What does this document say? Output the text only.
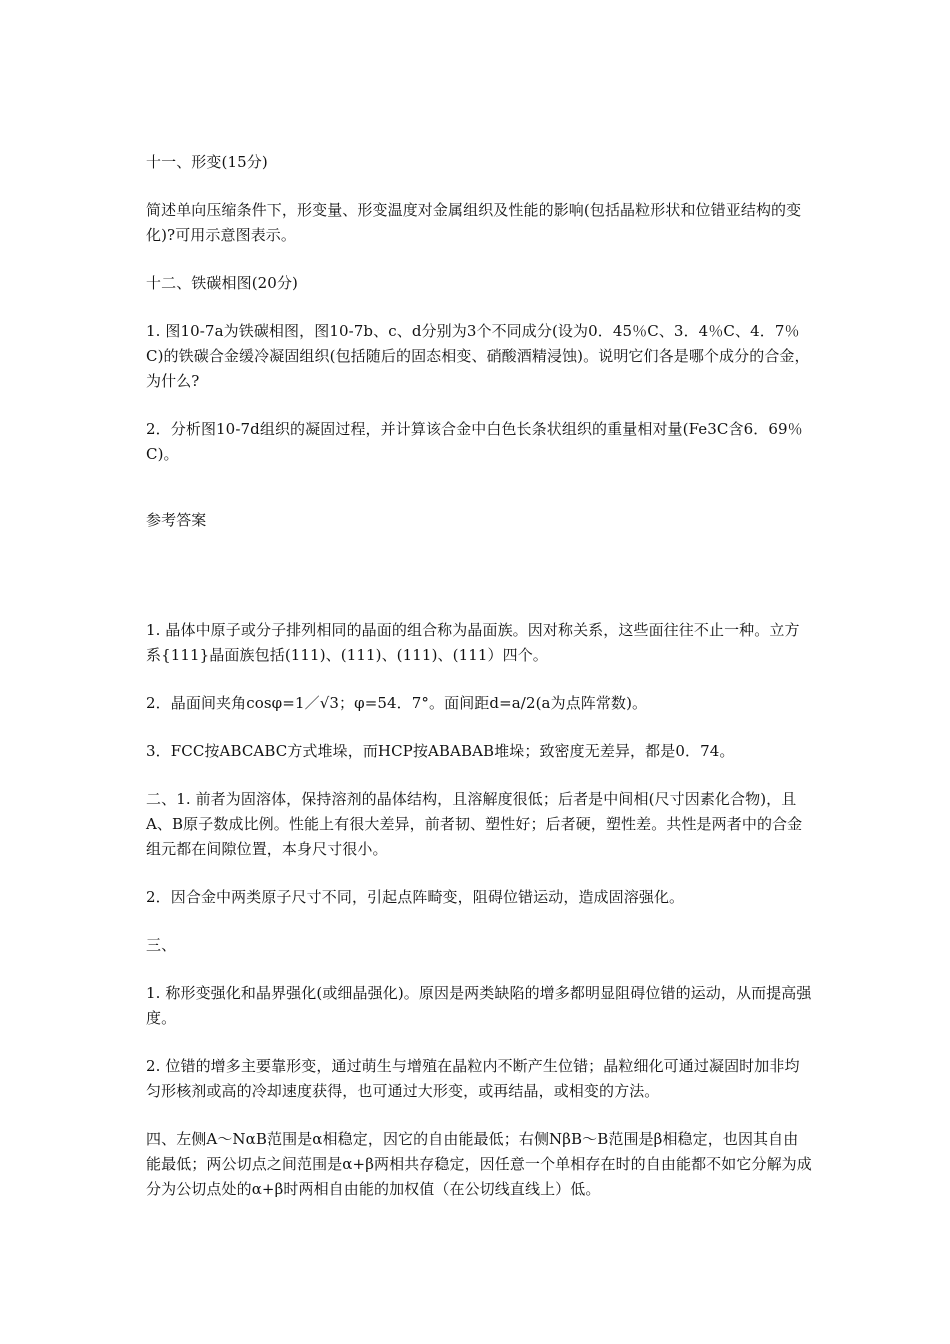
十一、形变(15分)

简述单向压缩条件下，形变量、形变温度对金属组织及性能的影响(包括晶粒形状和位错亚结构的变化)?可用示意图表示。

十二、铁碳相图(20分)

1. 图10-7a为铁碳相图，图10-7b、c、d分别为3个不同成分(设为0．45％C、3．4％C、4．7％C)的铁碳合金缓冷凝固组织(包括随后的固态相变、硝酸酒精浸蚀)。说明它们各是哪个成分的合金，为什么?

2．分析图10-7d组织的凝固过程，并计算该合金中白色长条状组织的重量相对量(Fe3C含6．69％C)。

参考答案

1. 晶体中原子或分子排列相同的晶面的组合称为晶面族。因对称关系，这些面往往不止一种。立方系{111}晶面族包括(111)、(111)、(111)、(111）四个。

2．晶面间夹角cosφ=1／√3；φ=54．7°。面间距d=a/2(a为点阵常数)。

3．FCC按ABCABC方式堆垛，而HCP按ABABAB堆垛；致密度无差异，都是0．74。

二、1. 前者为固溶体，保持溶剂的晶体结构，且溶解度很低；后者是中间相(尺寸因素化合物)，且A、B原子数成比例。性能上有很大差异，前者韧、塑性好；后者硬，塑性差。共性是两者中的合金组元都在间隙位置，本身尺寸很小。

2．因合金中两类原子尺寸不同，引起点阵畸变，阻碍位错运动，造成固溶强化。

三、

1. 称形变强化和晶界强化(或细晶强化)。原因是两类缺陷的增多都明显阻碍位错的运动，从而提高强度。

2. 位错的增多主要靠形变，通过萌生与增殖在晶粒内不断产生位错；晶粒细化可通过凝固时加非均匀形核剂或高的冷却速度获得，也可通过大形变，或再结晶，或相变的方法。

四、左侧A～NαB范围是α相稳定，因它的自由能最低；右侧NβB～B范围是β相稳定，也因其自由能最低；两公切点之间范围是α+β两相共存稳定，因任意一个单相存在时的自由能都不如它分解为成分为公切点处的α+β时两相自由能的加权值（在公切线直线上）低。
